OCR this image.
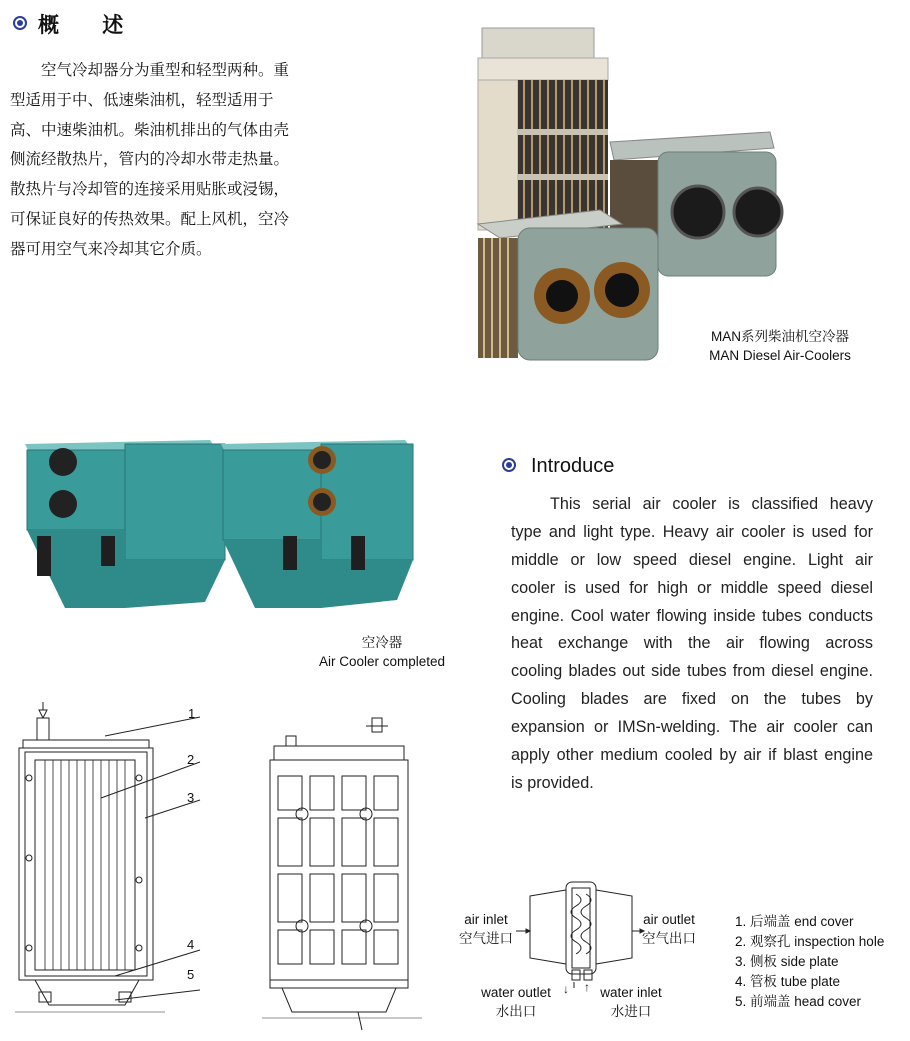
概 述
空气冷却器分为重型和轻型两种。重
型适用于中、低速柴油机，轻型适用于
高、中速柴油机。柴油机排出的气体由壳
侧流经散热片，管内的冷却水带走热量。
散热片与冷却管的连接采用贴胀或浸锡，
可保证良好的传热效果。配上风机，空冷
器可用空气来冷却其它介质。
MAN系列柴油机空冷器
MAN Diesel Air-Coolers
空冷器
Air Cooler completed
Introduce
This serial air cooler is classified heavy
type and light type. Heavy air cooler is used for
middle or low speed diesel engine. Light air
cooler is used for high or middle speed diesel
engine. Cool water flowing inside tubes conducts
heat exchange with the air flowing across
cooling blades out side tubes from diesel engine.
Cooling blades are fixed on the tubes by
expansion or IMSn-welding. The air cooler can
apply other medium cooled by air if blast engine
is provided.
1
2
3
4
5
↓ ↑
air inlet
空气进口
air outlet
空气出口
water outlet
水出口
water inlet
水进口
1. 后端盖 end cover
2. 观察孔 inspection hole
3. 侧板 side plate
4. 管板 tube plate
5. 前端盖 head cover
